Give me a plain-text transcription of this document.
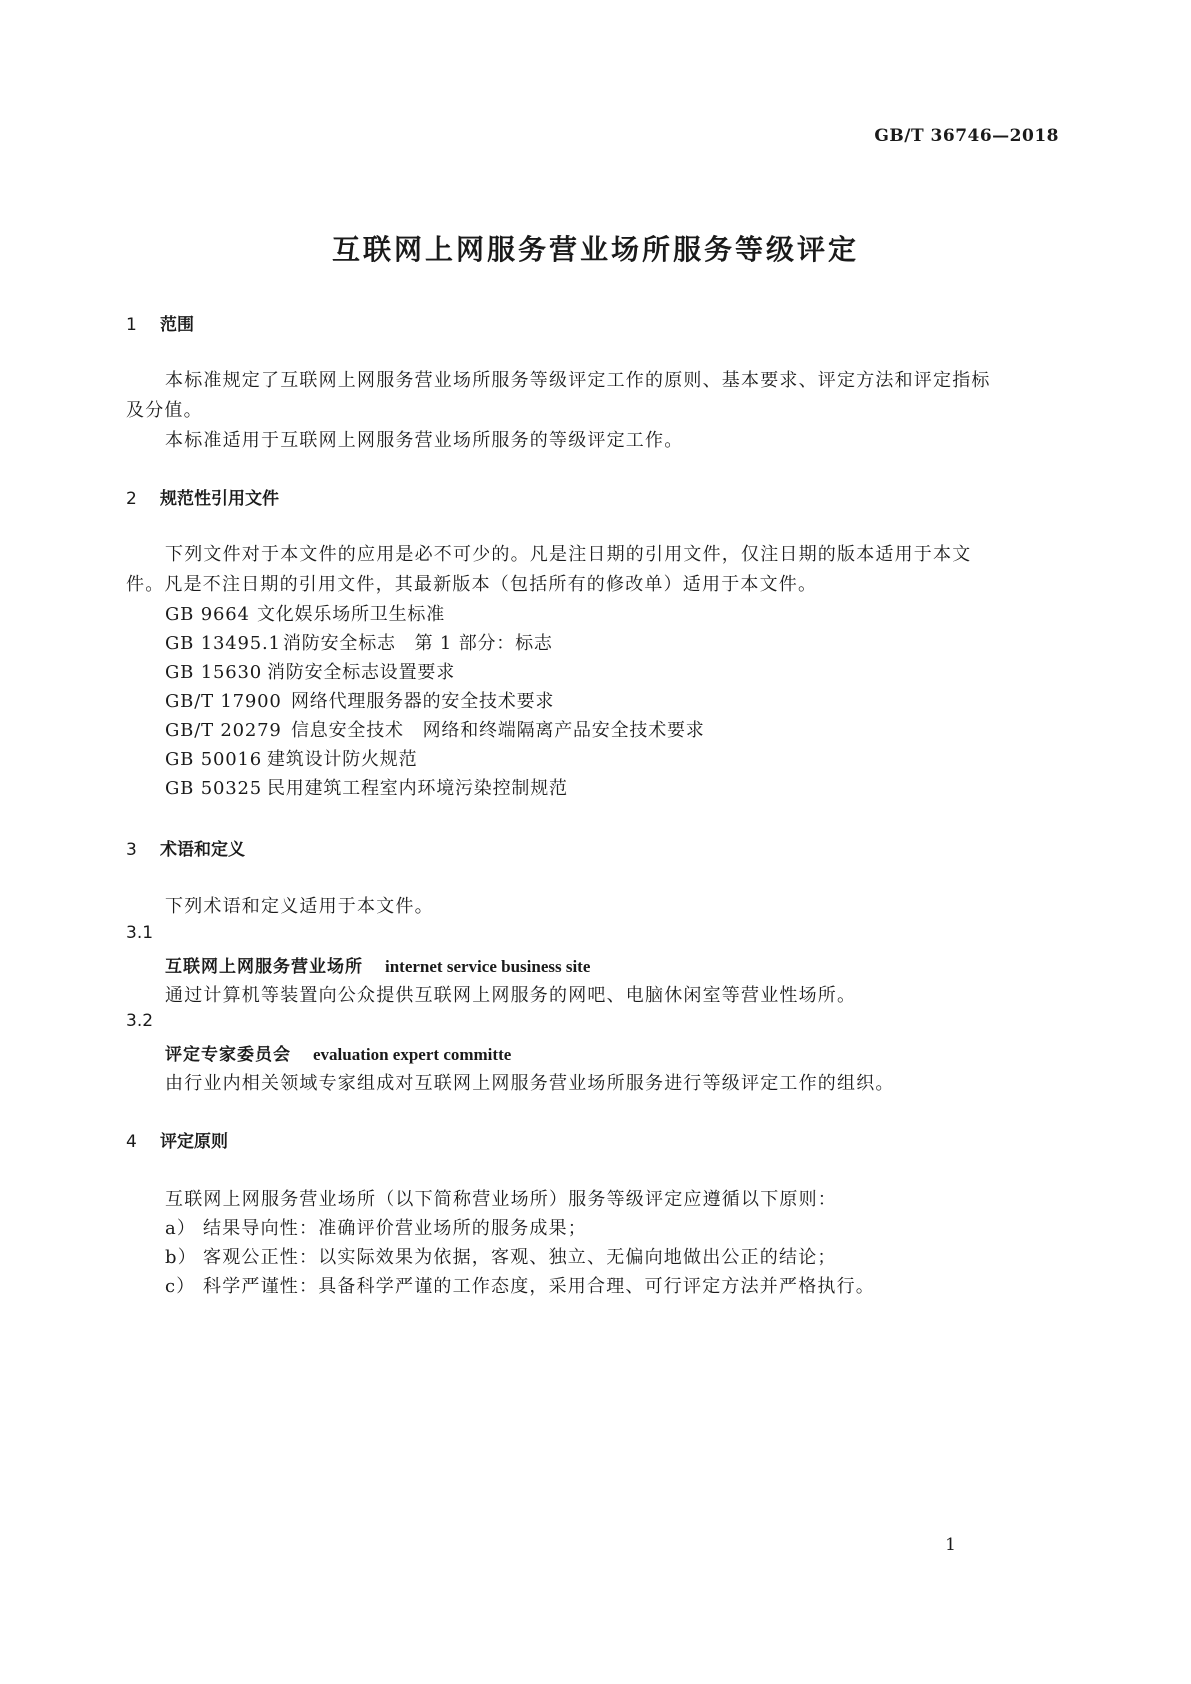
GB/T 36746—2018
互联网上网服务营业场所服务等级评定
1 范围
本标准规定了互联网上网服务营业场所服务等级评定工作的原则、基本要求、评定方法和评定指标
及分值。
本标准适用于互联网上网服务营业场所服务的等级评定工作。
2 规范性引用文件
下列文件对于本文件的应用是必不可少的。凡是注日期的引用文件，仅注日期的版本适用于本文
件。凡是不注日期的引用文件，其最新版本（包括所有的修改单）适用于本文件。
GB 9664 文化娱乐场所卫生标准
GB 13495.1 消防安全标志　第 1 部分：标志
GB 15630 消防安全标志设置要求
GB/T 17900 网络代理服务器的安全技术要求
GB/T 20279 信息安全技术　网络和终端隔离产品安全技术要求
GB 50016 建筑设计防火规范
GB 50325 民用建筑工程室内环境污染控制规范
3 术语和定义
下列术语和定义适用于本文件。
3.1
互联网上网服务营业场所 internet service business site
通过计算机等装置向公众提供互联网上网服务的网吧、电脑休闲室等营业性场所。
3.2
评定专家委员会 evaluation expert committe
由行业内相关领域专家组成对互联网上网服务营业场所服务进行等级评定工作的组织。
4 评定原则
互联网上网服务营业场所（以下简称营业场所）服务等级评定应遵循以下原则：
a） 结果导向性：准确评价营业场所的服务成果；
b） 客观公正性：以实际效果为依据，客观、独立、无偏向地做出公正的结论；
c） 科学严谨性：具备科学严谨的工作态度，采用合理、可行评定方法并严格执行。
1
